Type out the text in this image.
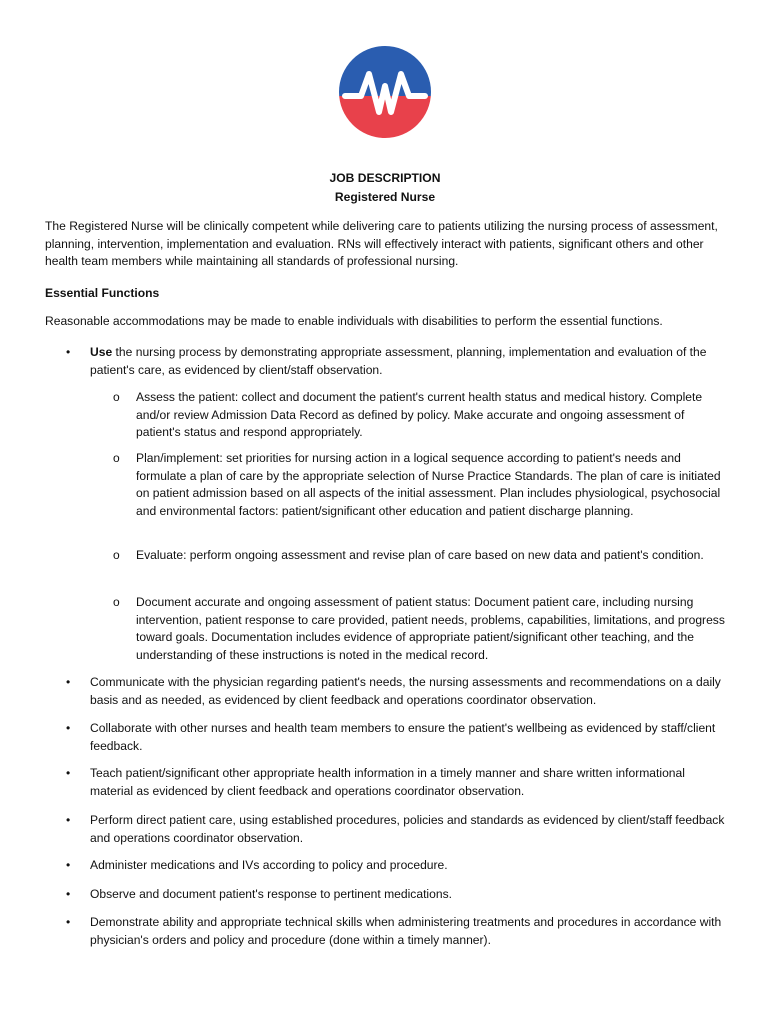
JOB DESCRIPTION
Registered Nurse
The Registered Nurse will be clinically competent while delivering care to patients utilizing the nursing process of assessment, planning, intervention, implementation and evaluation. RNs will effectively interact with patients, significant others and other health team members while maintaining all standards of professional nursing.
Essential Functions
Reasonable accommodations may be made to enable individuals with disabilities to perform the essential functions.
•	Use the nursing process by demonstrating appropriate assessment, planning, implementation and evaluation of the patient's care, as evidenced by client/staff observation.
o Assess the patient: collect and document the patient's current health status and medical history. Complete and/or review Admission Data Record as defined by policy. Make accurate and ongoing assessment of patient's status and respond appropriately.
o Plan/implement: set priorities for nursing action in a logical sequence according to patient's needs and formulate a plan of care by the appropriate selection of Nurse Practice Standards. The plan of care is initiated on patient admission based on all aspects of the initial assessment. Plan includes physiological, psychosocial and environmental factors: patient/significant other education and patient discharge planning.
o Evaluate: perform ongoing assessment and revise plan of care based on new data and patient's condition.
o Document accurate and ongoing assessment of patient status: Document patient care, including nursing intervention, patient response to care provided, patient needs, problems, capabilities, limitations, and progress toward goals. Documentation includes evidence of appropriate patient/significant other teaching, and the understanding of these instructions is noted in the medical record.
•	Communicate with the physician regarding patient's needs, the nursing assessments and recommendations on a daily basis and as needed, as evidenced by client feedback and operations coordinator observation.
•	Collaborate with other nurses and health team members to ensure the patient's wellbeing as evidenced by staff/client feedback.
•	Teach patient/significant other appropriate health information in a timely manner and share written informational material as evidenced by client feedback and operations coordinator observation.
•	Perform direct patient care, using established procedures, policies and standards as evidenced by client/staff feedback and operations coordinator observation.
•	Administer medications and IVs according to policy and procedure.
•	Observe and document patient's response to pertinent medications.
•	Demonstrate ability and appropriate technical skills when administering treatments and procedures in accordance with physician's orders and policy and procedure (done within a timely manner).
